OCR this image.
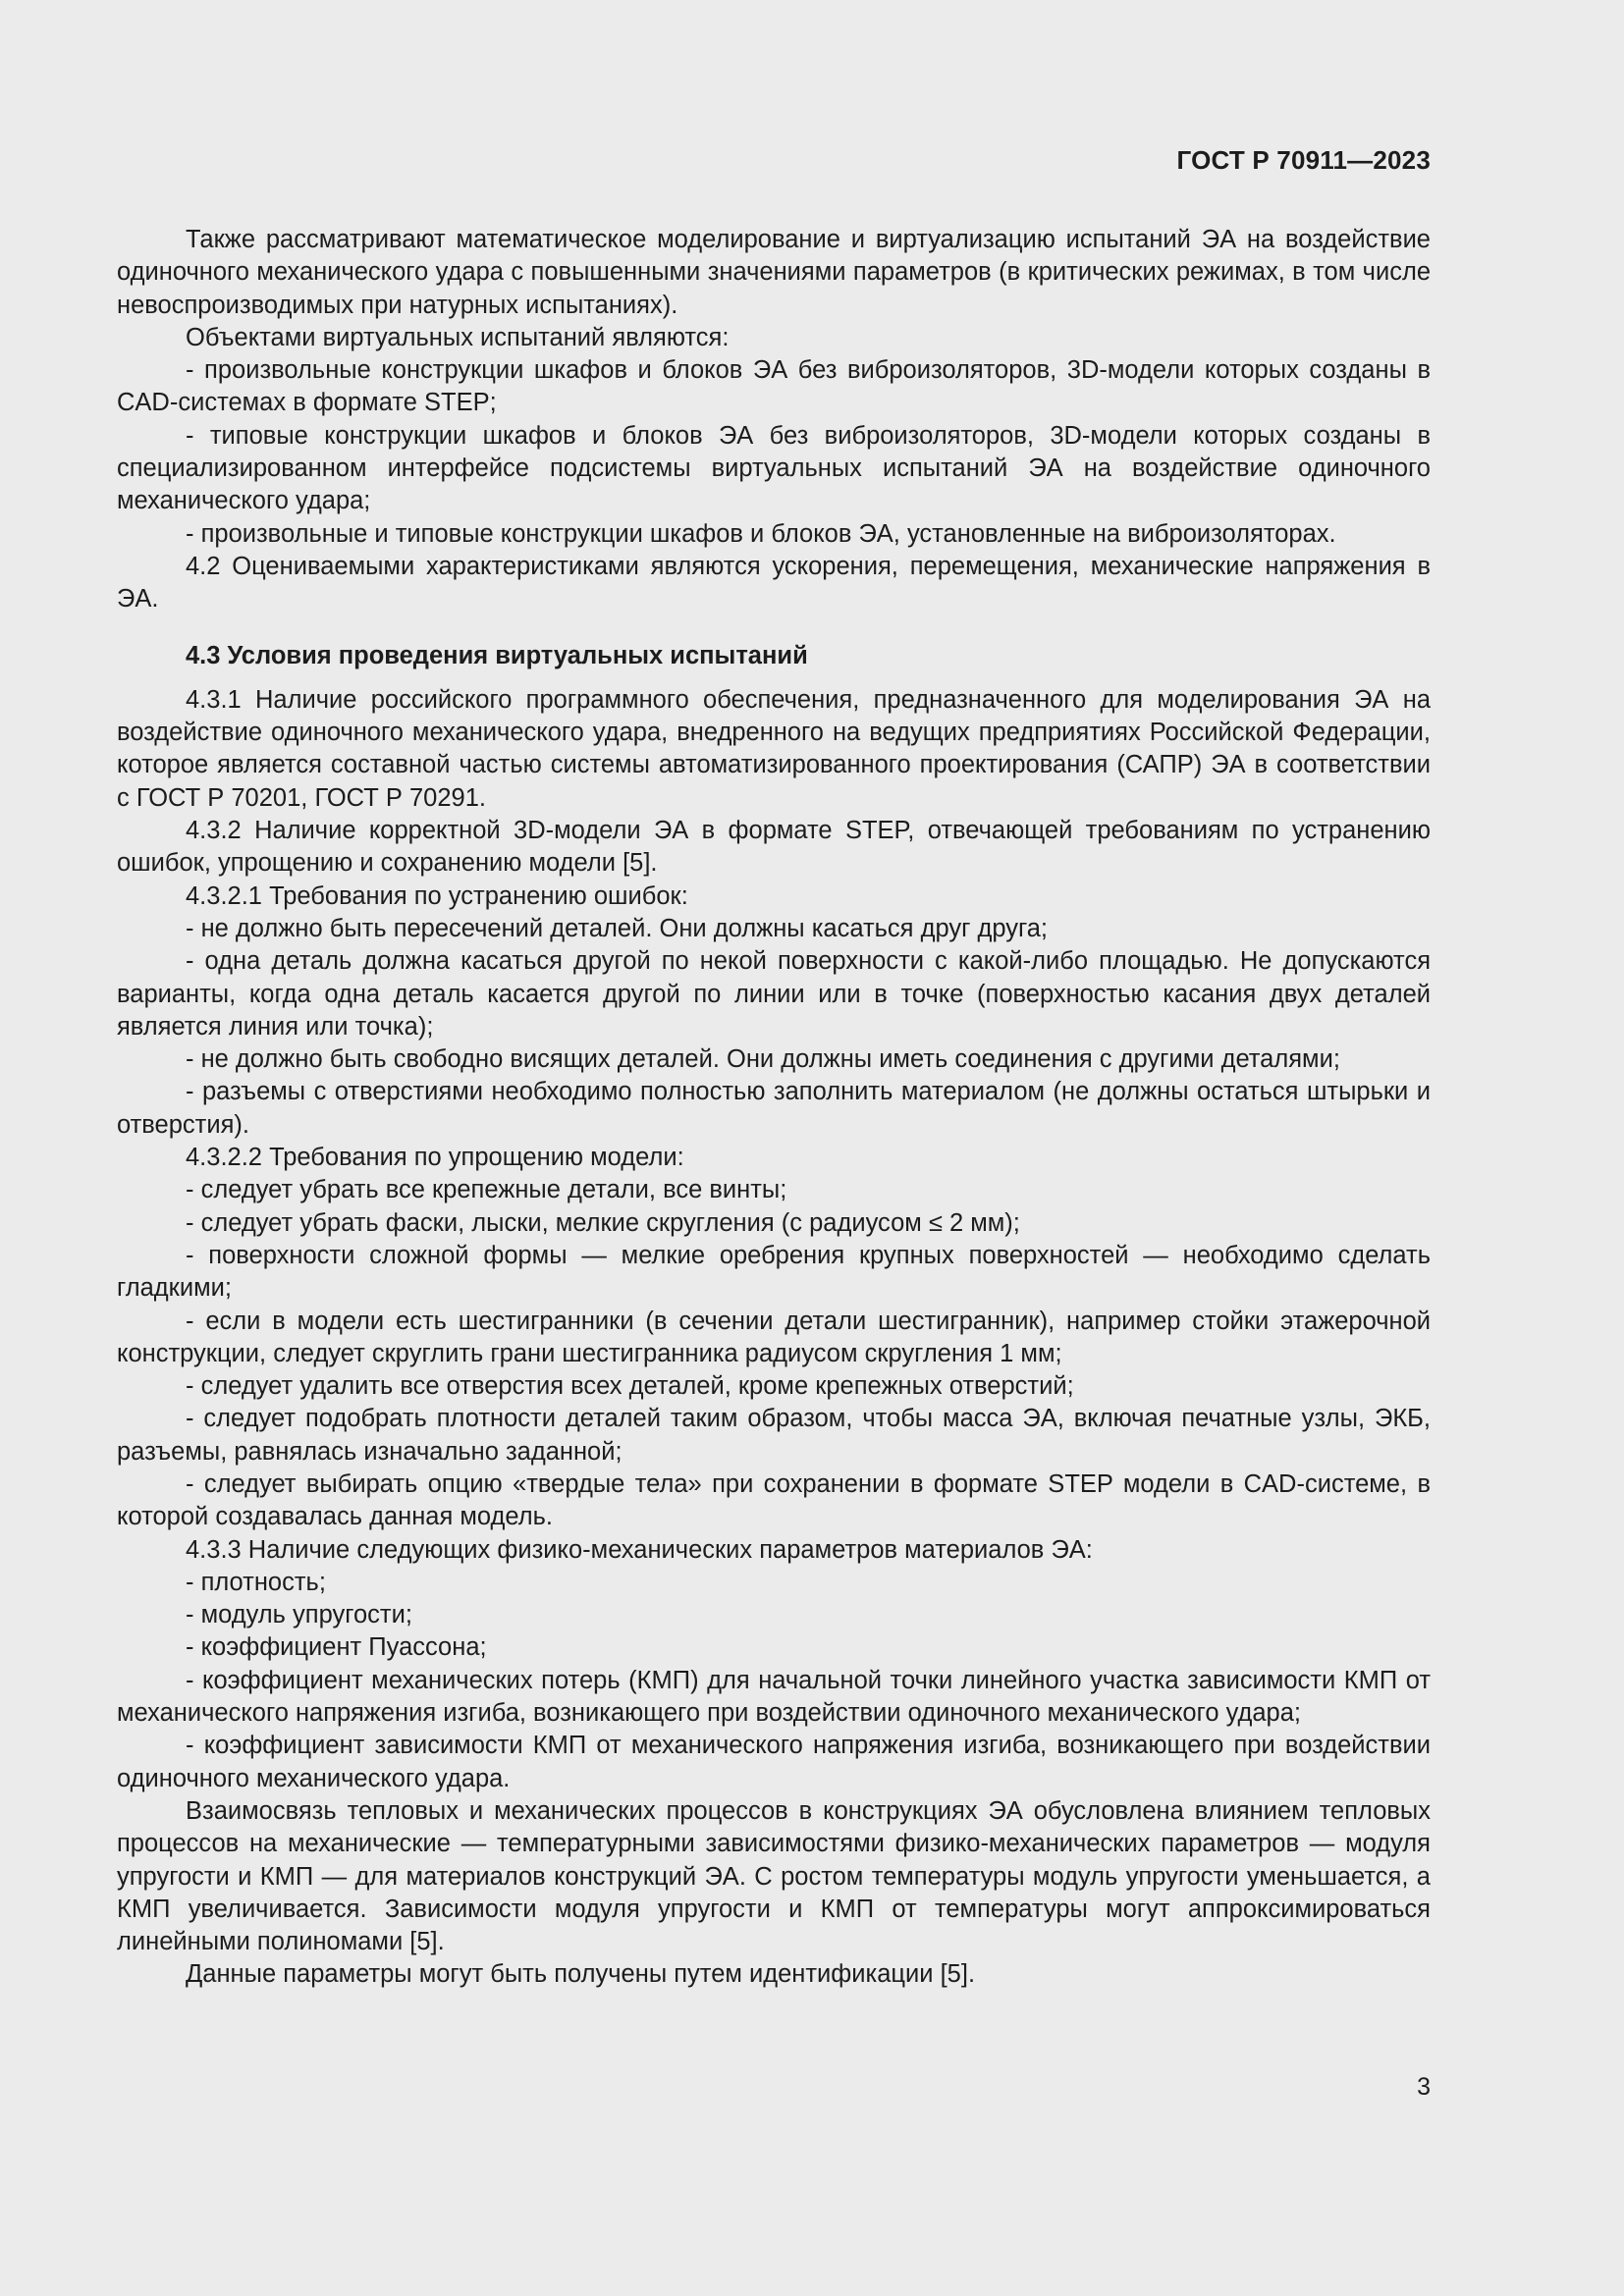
ГОСТ Р 70911—2023

Также рассматривают математическое моделирование и виртуализацию испытаний ЭА на воздействие одиночного механического удара с повышенными значениями параметров (в критических режимах, в том числе невоспроизводимых при натурных испытаниях).

Объектами виртуальных испытаний являются:

- произвольные конструкции шкафов и блоков ЭА без виброизоляторов, 3D-модели которых созданы в CAD-системах в формате STEP;

- типовые конструкции шкафов и блоков ЭА без виброизоляторов, 3D-модели которых созданы в специализированном интерфейсе подсистемы виртуальных испытаний ЭА на воздействие одиночного механического удара;

- произвольные и типовые конструкции шкафов и блоков ЭА, установленные на виброизоляторах.

4.2 Оцениваемыми характеристиками являются ускорения, перемещения, механические напряжения в ЭА.

4.3 Условия проведения виртуальных испытаний

4.3.1 Наличие российского программного обеспечения, предназначенного для моделирования ЭА на воздействие одиночного механического удара, внедренного на ведущих предприятиях Российской Федерации, которое является составной частью системы автоматизированного проектирования (САПР) ЭА в соответствии с ГОСТ Р 70201, ГОСТ Р 70291.

4.3.2 Наличие корректной 3D-модели ЭА в формате STEP, отвечающей требованиям по устранению ошибок, упрощению и сохранению модели [5].

4.3.2.1 Требования по устранению ошибок:

- не должно быть пересечений деталей. Они должны касаться друг друга;

- одна деталь должна касаться другой по некой поверхности с какой-либо площадью. Не допускаются варианты, когда одна деталь касается другой по линии или в точке (поверхностью касания двух деталей является линия или точка);

- не должно быть свободно висящих деталей. Они должны иметь соединения с другими деталями;

- разъемы с отверстиями необходимо полностью заполнить материалом (не должны остаться штырьки и отверстия).

4.3.2.2 Требования по упрощению модели:

- следует убрать все крепежные детали, все винты;

- следует убрать фаски, лыски, мелкие скругления (с радиусом ≤ 2 мм);

- поверхности сложной формы — мелкие оребрения крупных поверхностей — необходимо сделать гладкими;

- если в модели есть шестигранники (в сечении детали шестигранник), например стойки этажерочной конструкции, следует скруглить грани шестигранника радиусом скругления 1 мм;

- следует удалить все отверстия всех деталей, кроме крепежных отверстий;

- следует подобрать плотности деталей таким образом, чтобы масса ЭА, включая печатные узлы, ЭКБ, разъемы, равнялась изначально заданной;

- следует выбирать опцию «твердые тела» при сохранении в формате STEP модели в CAD-системе, в которой создавалась данная модель.

4.3.3 Наличие следующих физико-механических параметров материалов ЭА:

- плотность;

- модуль упругости;

- коэффициент Пуассона;

- коэффициент механических потерь (КМП) для начальной точки линейного участка зависимости КМП от механического напряжения изгиба, возникающего при воздействии одиночного механического удара;

- коэффициент зависимости КМП от механического напряжения изгиба, возникающего при воздействии одиночного механического удара.

Взаимосвязь тепловых и механических процессов в конструкциях ЭА обусловлена влиянием тепловых процессов на механические — температурными зависимостями физико-механических параметров — модуля упругости и КМП — для материалов конструкций ЭА. С ростом температуры модуль упругости уменьшается, а КМП увеличивается. Зависимости модуля упругости и КМП от температуры могут аппроксимироваться линейными полиномами [5].

Данные параметры могут быть получены путем идентификации [5].

3
